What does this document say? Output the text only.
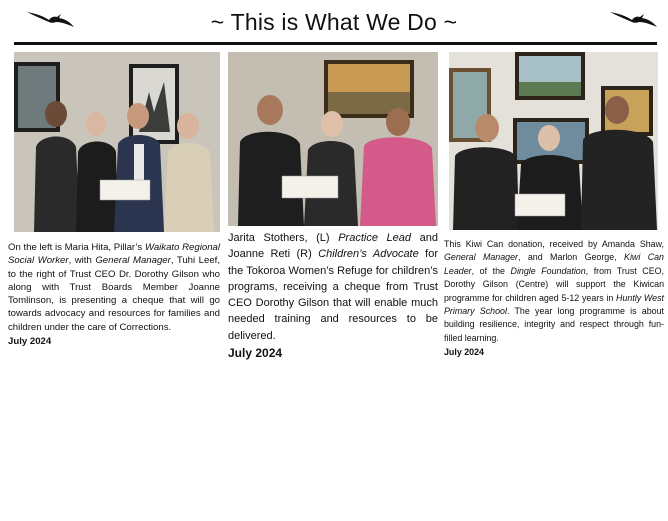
~ This is What We Do ~
On the left is Maria Hita, Pillar’s Waikato Regional Social Worker, with General Manager, Tuhi Leef, to the right of Trust CEO Dr. Dorothy Gilson who along with Trust Boards Member Joanne Tomlinson, is presenting a cheque that will go towards advocacy and resources for families and children under the care of Corrections.
July 2024
Jarita Stothers, (L) Practice Lead and Joanne Reti (R) Children’s Advocate for the Tokoroa Women’s Refuge for children’s programs, receiving a cheque from Trust CEO Dorothy Gilson that will enable much needed training and resources to be delivered.
July 2024
This Kiwi Can donation, received by Amanda Shaw, General Manager, and Marlon George, Kiwi Can Leader, of the Dingle Foundation, from Trust CEO, Dorothy Gilson (Centre) will support the Kiwican programme for children aged 5-12 years in Huntly West Primary School. The year long programme is about building resilience, integrity and respect through fun-filled learning.
July 2024
